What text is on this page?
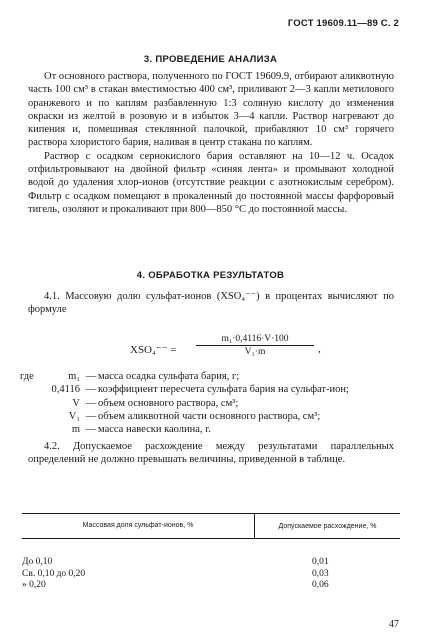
ГОСТ 19609.11—89 С. 2
3. ПРОВЕДЕНИЕ АНАЛИЗА

От основного раствора, полученного по ГОСТ 19609.9, отбирают аликвотную часть 100 см³ в стакан вместимостью 400 см³, приливают 2—3 капли метилового оранжевого и по каплям разбавленную 1:3 соляную кислоту до изменения окраски из желтой в розовую и в избыток 3—4 капли. Раствор нагревают до кипения и, помешивая стеклянной палочкой, прибавляют 10 см³ горячего раствора хлористого бария, наливая в центр стакана по каплям.

Раствор с осадком сернокислого бария оставляют на 10—12 ч. Осадок отфильтровывают на двойной фильтр «синяя лента» и промывают холодной водой до удаления хлор-ионов (отсутствие реакции с азотнокислым серебром). Фильтр с осадком помещают в прокаленный до постоянной массы фарфоровый тигель, озоляют и прокаливают при 800—850 °С до постоянной массы.

4. ОБРАБОТКА РЕЗУЛЬТАТОВ

4.1. Массовую долю сульфат-ионов (XSO₄⁻⁻) в процентах вычисляют по формуле

$XSO_4^{--} = \frac{\text{m₁·0,4116·V·100}}{\text{V₁·m}}$ ,
где	m₁ — масса осадка сульфата бария, г;
0,4116 — коэффициент пересчета сульфата бария на сульфат-ион;
V — объем основного раствора, см³;
V₁ — объем аликвотной части основного раствора, см³;
m — масса навески каолина, г.

4.2. Допускаемое расхождение между результатами параллельных определений не должно превышать величины, приведенной в таблице.

Массовая доля сульфат-ионов, %	Допускаемое расхождение, %
До 0,10	0,01
Св. 0,10 до 0,20	0,03
» 0,20	0,06
47
